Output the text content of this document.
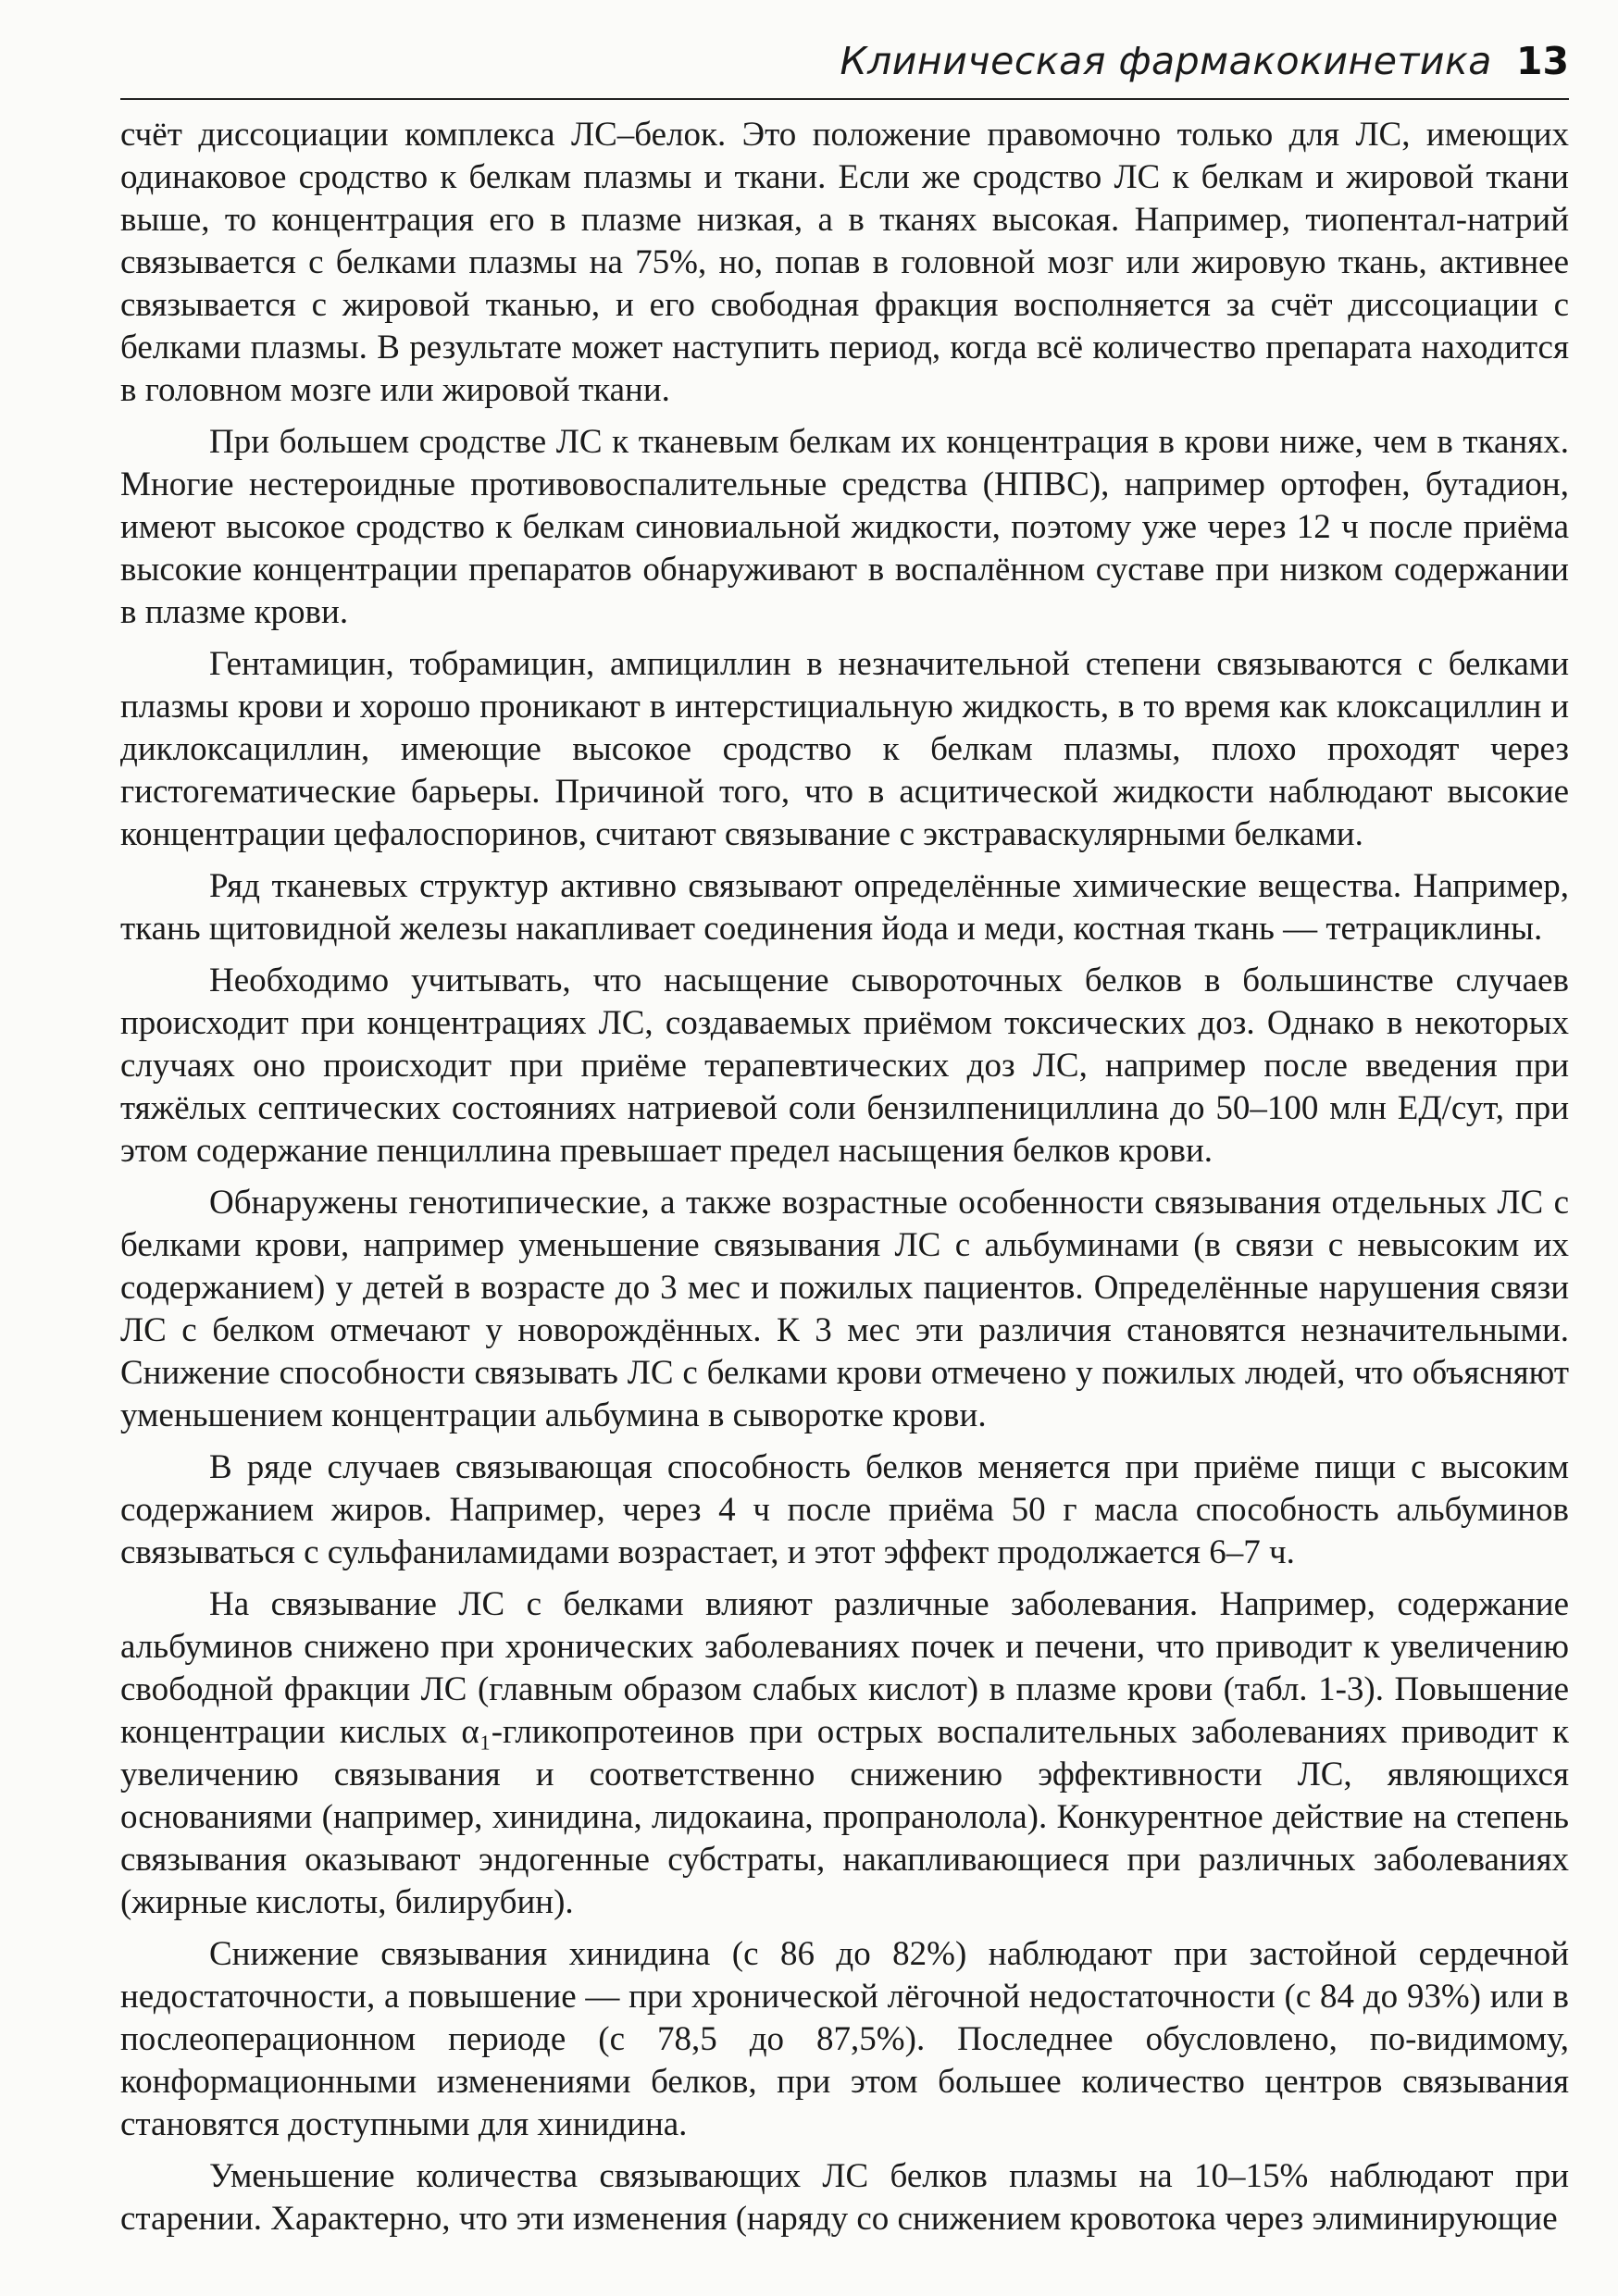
Клиническая фармакокинетика 13

счёт диссоциации комплекса ЛС–белок. Это положение правомочно только для ЛС, имеющих одинаковое сродство к белкам плазмы и ткани. Если же сродство ЛС к белкам и жировой ткани выше, то концентрация его в плазме низкая, а в тканях высокая. Например, тиопентал-натрий связывается с белками плазмы на 75%, но, попав в головной мозг или жировую ткань, активнее связывается с жировой тканью, и его свободная фракция восполняется за счёт диссоциации с белками плазмы. В результате может наступить период, когда всё количество препарата находится в головном мозге или жировой ткани.

При большем сродстве ЛС к тканевым белкам их концентрация в крови ниже, чем в тканях. Многие нестероидные противовоспалительные средства (НПВС), например ортофен, бутадион, имеют высокое сродство к белкам синовиальной жидкости, поэтому уже через 12 ч после приёма высокие концентрации препаратов обнаруживают в воспалённом суставе при низком содержании в плазме крови.

Гентамицин, тобрамицин, ампициллин в незначительной степени связываются с белками плазмы крови и хорошо проникают в интерстициальную жидкость, в то время как клоксациллин и диклоксациллин, имеющие высокое сродство к белкам плазмы, плохо проходят через гистогематические барьеры. Причиной того, что в асцитической жидкости наблюдают высокие концентрации цефалоспоринов, считают связывание с экстраваскулярными белками.

Ряд тканевых структур активно связывают определённые химические вещества. Например, ткань щитовидной железы накапливает соединения йода и меди, костная ткань — тетрациклины.

Необходимо учитывать, что насыщение сывороточных белков в большинстве случаев происходит при концентрациях ЛС, создаваемых приёмом токсических доз. Однако в некоторых случаях оно происходит при приёме терапевтических доз ЛС, например после введения при тяжёлых септических состояниях натриевой соли бензилпенициллина до 50–100 млн ЕД/сут, при этом содержание пенциллина превышает предел насыщения белков крови.

Обнаружены генотипические, а также возрастные особенности связывания отдельных ЛС с белками крови, например уменьшение связывания ЛС с альбуминами (в связи с невысоким их содержанием) у детей в возрасте до 3 мес и пожилых пациентов. Определённые нарушения связи ЛС с белком отмечают у новорождённых. К 3 мес эти различия становятся незначительными. Снижение способности связывать ЛС с белками крови отмечено у пожилых людей, что объясняют уменьшением концентрации альбумина в сыворотке крови.

В ряде случаев связывающая способность белков меняется при приёме пищи с высоким содержанием жиров. Например, через 4 ч после приёма 50 г масла способность альбуминов связываться с сульфаниламидами возрастает, и этот эффект продолжается 6–7 ч.

На связывание ЛС с белками влияют различные заболевания. Например, содержание альбуминов снижено при хронических заболеваниях почек и печени, что приводит к увеличению свободной фракции ЛС (главным образом слабых кислот) в плазме крови (табл. 1-3). Повышение концентрации кислых α₁-гликопротеинов при острых воспалительных заболеваниях приводит к увеличению связывания и соответственно снижению эффективности ЛС, являющихся основаниями (например, хинидина, лидокаина, пропранолола). Конкурентное действие на степень связывания оказывают эндогенные субстраты, накапливающиеся при различных заболеваниях (жирные кислоты, билирубин).

Снижение связывания хинидина (с 86 до 82%) наблюдают при застойной сердечной недостаточности, а повышение — при хронической лёгочной недостаточности (с 84 до 93%) или в послеоперационном периоде (с 78,5 до 87,5%). Последнее обусловлено, по-видимому, конформационными изменениями белков, при этом большее количество центров связывания становятся доступными для хинидина.

Уменьшение количества связывающих ЛС белков плазмы на 10–15% наблюдают при старении. Характерно, что эти изменения (наряду со снижением кровотока через элиминирующие
